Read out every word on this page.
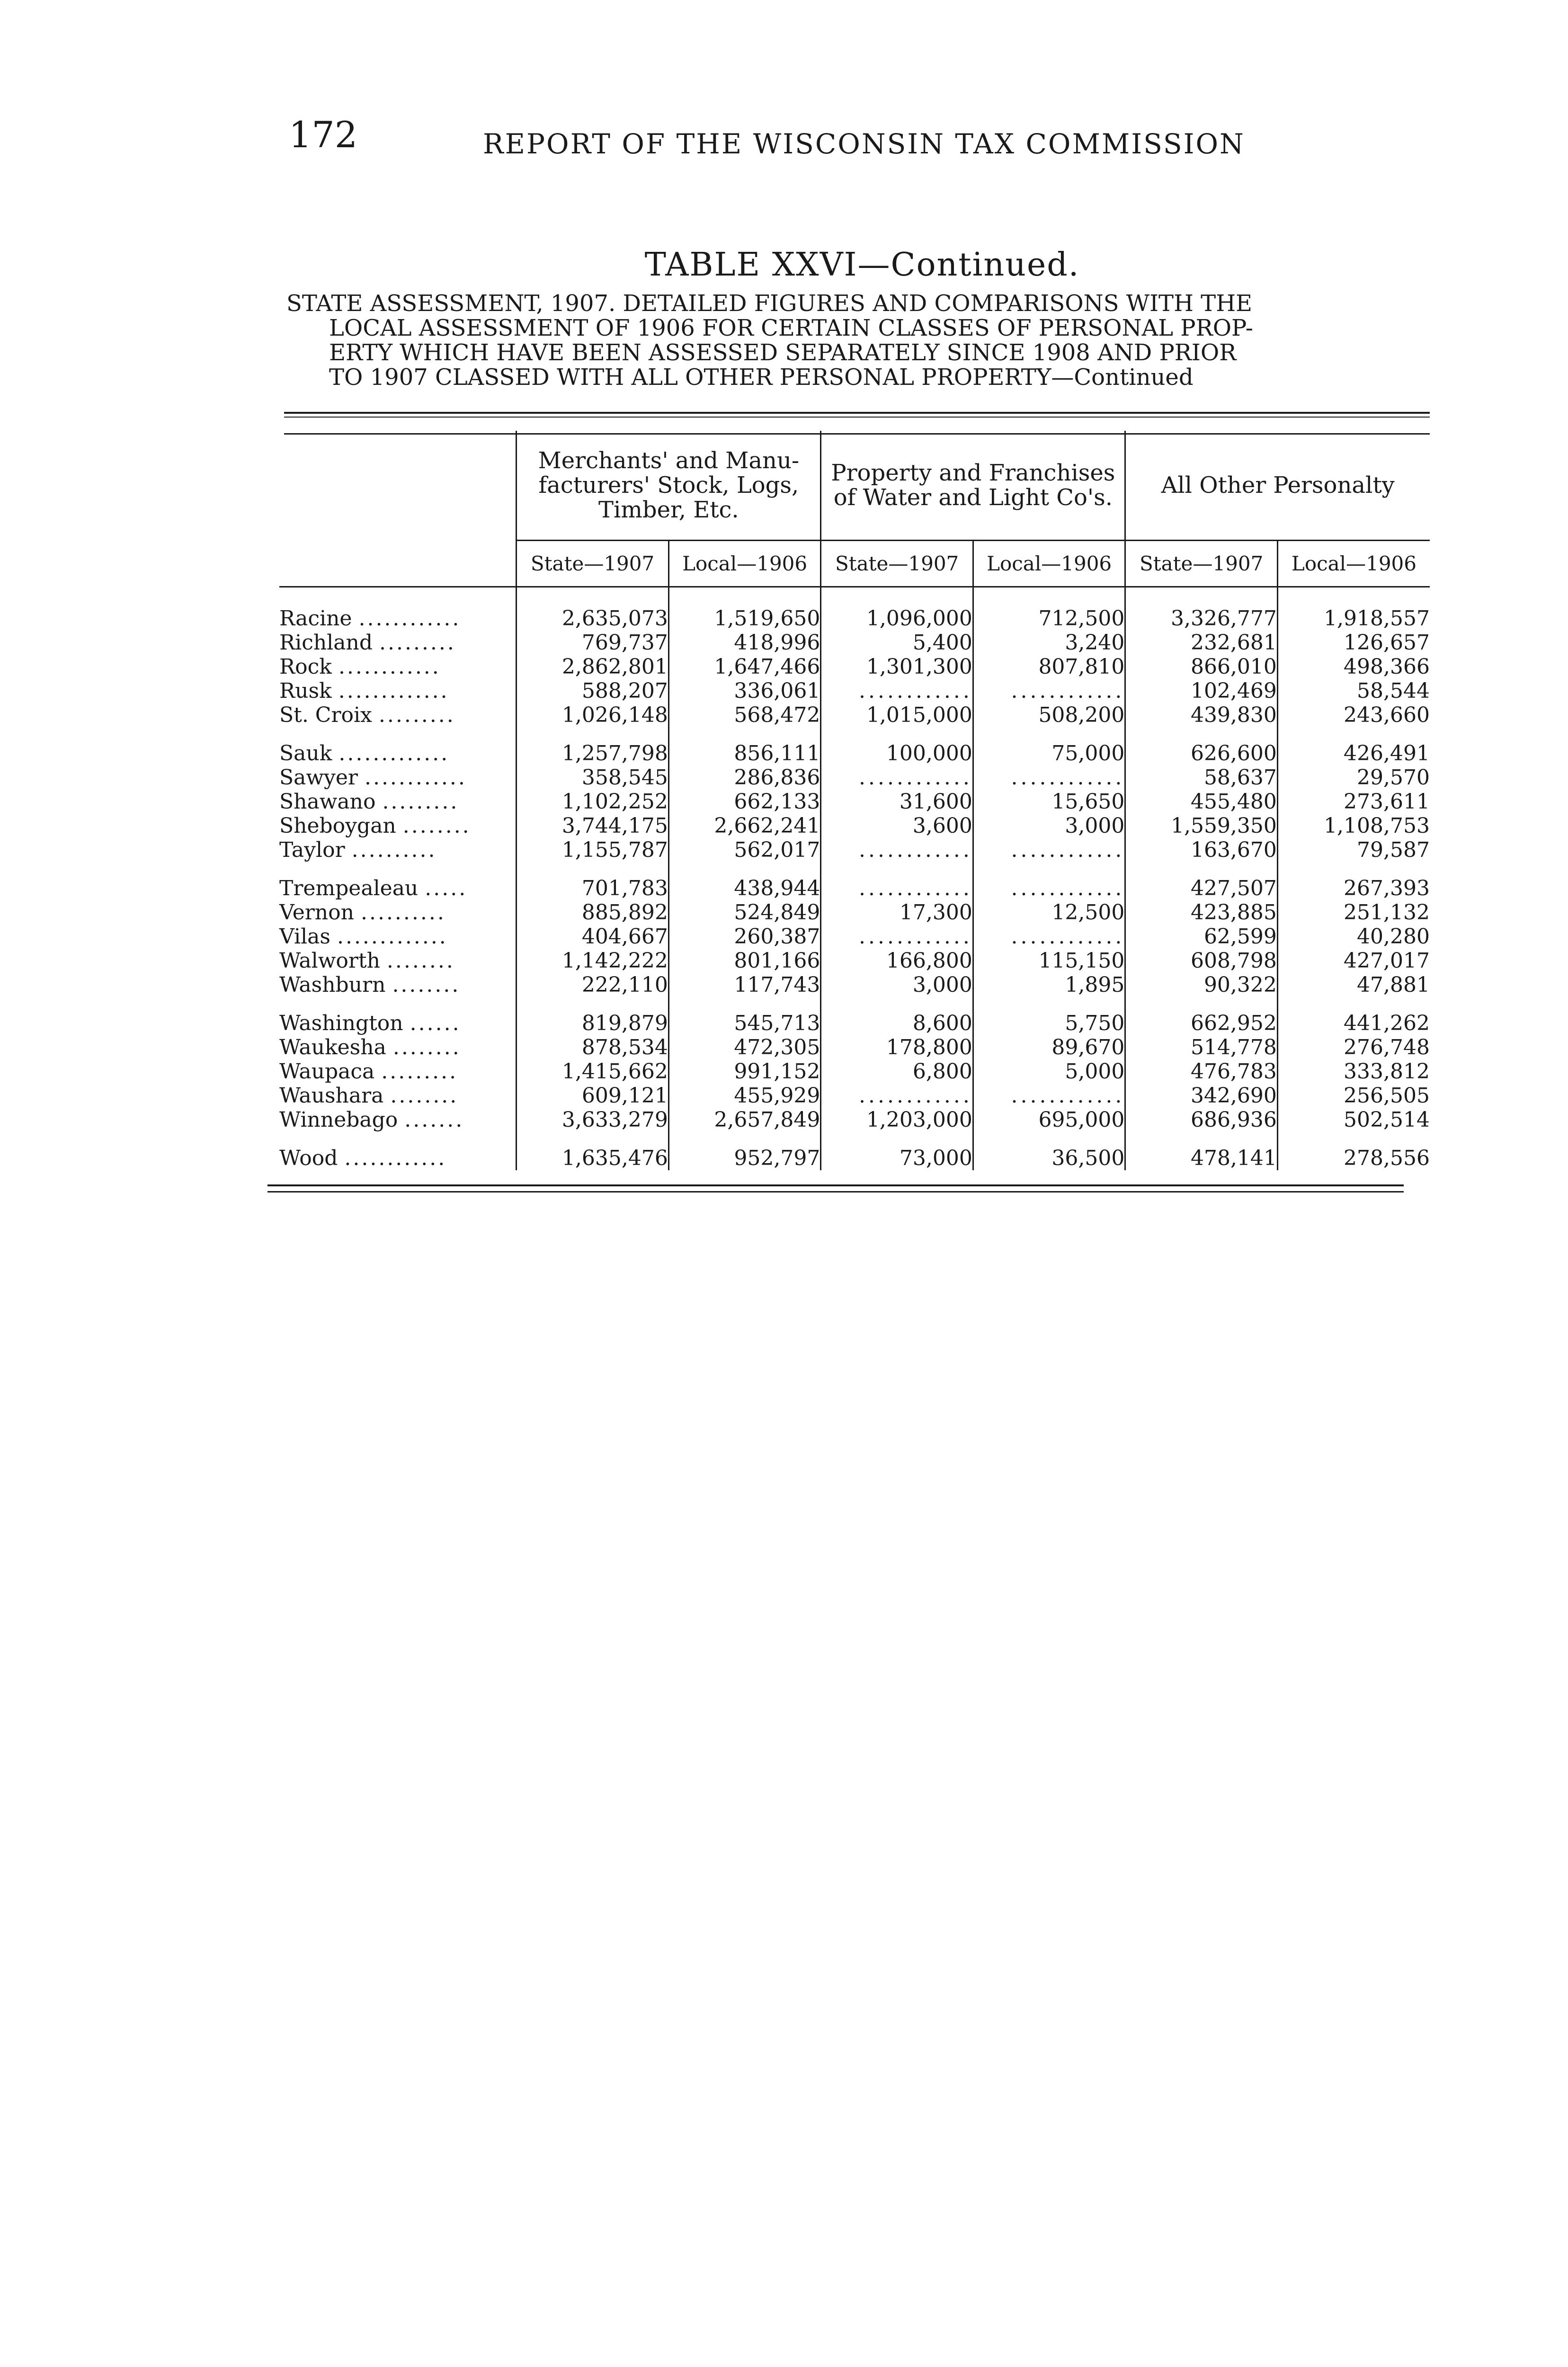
172	REPORT OF THE WISCONSIN TAX COMMISSION
TABLE XXVI—Continued.
STATE ASSESSMENT, 1907. DETAILED FIGURES AND COMPARISONS WITH THE
LOCAL ASSESSMENT OF 1906 FOR CERTAIN CLASSES OF PERSONAL PROP-
ERTY WHICH HAVE BEEN ASSESSED SEPARATELY SINCE 1908 AND PRIOR
TO 1907 CLASSED WITH ALL OTHER PERSONAL PROPERTY—Continued
	Merchants' and Manu- facturers' Stock, Logs, Timber, Etc.		Property and Franchises of Water and Light Co's.		All Other Personalty	
	State—1907	Local—1906	State—1907	Local—1906	State—1907	Local—1906
Racine ............	2,635,073	1,519,650	1,096,000	712,500	3,326,777	1,918,557
Richland .........	769,737	418,996	5,400	3,240	232,681	126,657
Rock ............	2,862,801	1,647,466	1,301,300	807,810	866,010	498,366
Rusk .............	588,207	336,061	............	............	102,469	58,544
St. Croix .........	1,026,148	568,472	1,015,000	508,200	439,830	243,660
Sauk .............	1,257,798	856,111	100,000	75,000	626,600	426,491
Sawyer ............	358,545	286,836	............	............	58,637	29,570
Shawano .........	1,102,252	662,133	31,600	15,650	455,480	273,611
Sheboygan ........	3,744,175	2,662,241	3,600	3,000	1,559,350	1,108,753
Taylor ..........	1,155,787	562,017	............	............	163,670	79,587
Trempealeau .....	701,783	438,944	............	............	427,507	267,393
Vernon ..........	885,892	524,849	17,300	12,500	423,885	251,132
Vilas .............	404,667	260,387	............	............	62,599	40,280
Walworth ........	1,142,222	801,166	166,800	115,150	608,798	427,017
Washburn ........	222,110	117,743	3,000	1,895	90,322	47,881
Washington ......	819,879	545,713	8,600	5,750	662,952	441,262
Waukesha ........	878,534	472,305	178,800	89,670	514,778	276,748
Waupaca .........	1,415,662	991,152	6,800	5,000	476,783	333,812
Waushara ........	609,121	455,929	............	............	342,690	256,505
Winnebago .......	3,633,279	2,657,849	1,203,000	695,000	686,936	502,514
Wood ............	1,635,476	952,797	73,000	36,500	478,141	278,556
